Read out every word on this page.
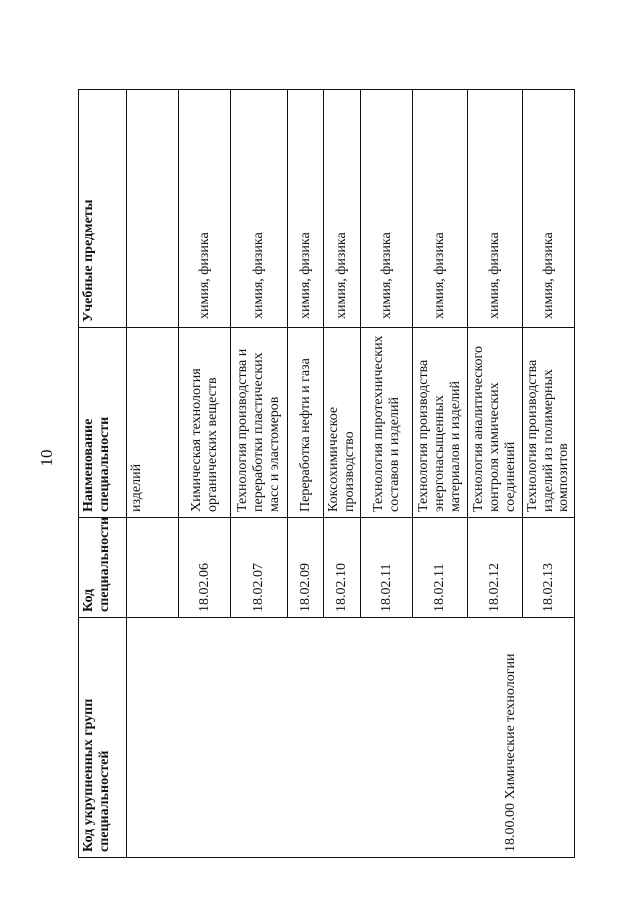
10
Код укрупненных групп специальностей	Код специальности	Наименование специальности	Учебные предметы
18.00.00 Химические технологии		изделий	
	18.02.06	Химическая технология органических веществ	химия, физика
	18.02.07	Технология производства и переработки пластических масс и эластомеров	химия, физика
	18.02.09	Переработка нефти и газа	химия, физика
	18.02.10	Коксохимическое производство	химия, физика
	18.02.11	Технология пиротехнических составов и изделий	химия, физика
	18.02.11	Технология производства энергонасыщенных материалов и изделий	химия, физика
	18.02.12	Технология аналитического контроля химических соединений	химия, физика
	18.02.13	Технология производства изделий из полимерных композитов	химия, физика
